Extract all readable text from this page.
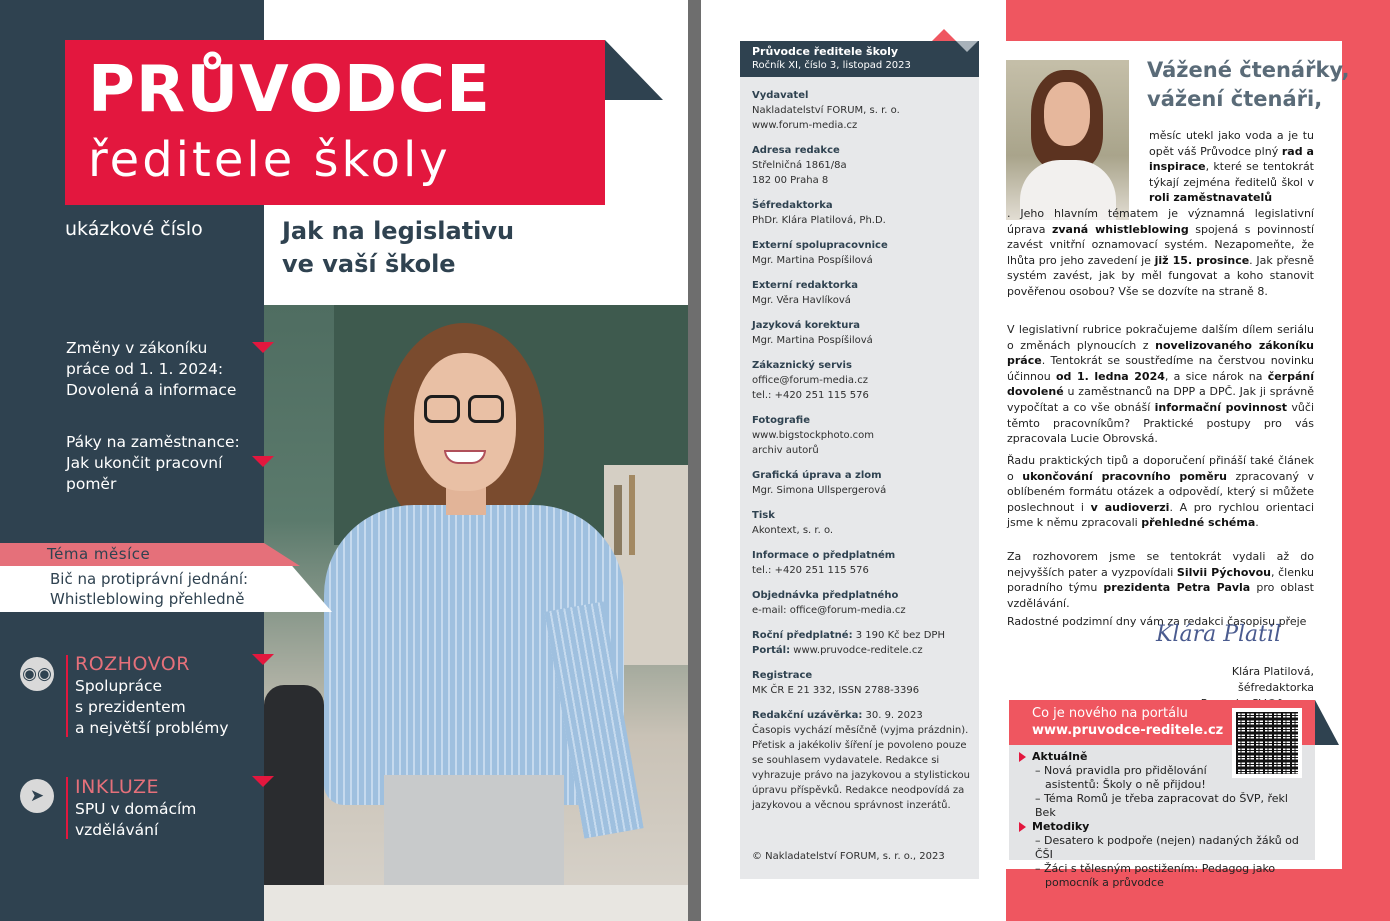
PRŮVODCE
ředitele školy
ukázkové číslo	Jak na legislativu
ve vaší škole
Změny v zákoníku
práce od 1. 1. 2024:
Dovolená a informace
Páky na zaměstnance:
Jak ukončit pracovní
poměr
Téma měsíce
Bič na protiprávní jednání:
Whistleblowing přehledně
◉◉ ROZHOVOR
Spolupráce
s prezidentem
a největší problémy
➤	INKLUZE
SPU v domácím
vzdělávání
Průvodce ředitele školy
Ročník XI, číslo 3, listopad 2023
Vydavatel
Nakladatelství FORUM, s. r. o.
www.forum-media.cz
Adresa redakce
Střelničná 1861/8a
182 00 Praha 8
Šéfredaktorka
PhDr. Klára Platilová, Ph.D.
Externí spolupracovnice
Mgr. Martina Pospíšilová
Externí redaktorka
Mgr. Věra Havlíková
Jazyková korektura
Mgr. Martina Pospíšilová
Zákaznický servis
office@forum-media.cz
tel.: +420 251 115 576
Fotografie
www.bigstockphoto.com
archiv autorů
Grafická úprava a zlom
Mgr. Simona Ullspergerová
Tisk
Akontext, s. r. o.
Informace o předplatném
tel.: +420 251 115 576
Objednávka předplatného
e-mail: office@forum-media.cz
Roční předplatné: 3 190 Kč bez DPH
Portál: www.pruvodce-reditele.cz
Registrace
MK ČR E 21 332, ISSN 2788-3396
Redakční uzávěrka: 30. 9. 2023
Časopis vychází měsíčně (vyjma prázdnin). Přetisk a jakékoliv šíření je povoleno pouze se souhlasem vydavatele. Redakce si vyhrazuje právo na jazykovou a stylistickou úpravu příspěvků. Redakce neodpovídá za jazykovou a věcnou správnost inzerátů.
© Nakladatelství FORUM, s. r. o., 2023
Vážené čtenářky,
vážení čtenáři,
měsíc utekl jako voda a je tu opět váš Průvodce plný rad a inspirace, které se tentokrát týkají zejména ředitelů škol v roli zaměstnavatelů
. Jeho hlavním tématem je významná legislativní úprava zvaná whistleblowing spojená s povinností zavést vnitřní oznamovací systém. Nezapomeňte, že lhůta pro jeho zavedení je již 15. prosince. Jak přesně systém zavést, jak by měl fungovat a koho stanovit pověřenou osobou? Vše se dozvíte na straně 8.
V legislativní rubrice pokračujeme dalším dílem seriálu o změnách plynoucích z novelizovaného zákoníku práce. Tentokrát se soustředíme na čerstvou novinku účinnou od 1. ledna 2024, a sice nárok na čerpání dovolené u zaměstnanců na DPP a DPČ. Jak ji správně vypočítat a co vše obnáší informační povinnost vůči těmto pracovníkům? Praktické postupy pro vás zpracovala Lucie Obrovská.
Řadu praktických tipů a doporučení přináší také článek o ukončování pracovního poměru zpracovaný v oblíbeném formátu otázek a odpovědí, který si můžete poslechnout i v audioverzi. A pro rychlou orientaci jsme k němu zpracovali přehledné schéma.
Za rozhovorem jsme se tentokrát vydali až do nejvyšších pater a vyzpovídali Silvii Pýchovou, členku poradního týmu prezidenta Petra Pavla pro oblast vzdělávání.
Radostné podzimní dny vám za redakci časopisu přeje
Klára Platil
Klára Platilová, šéfredaktorka
Co je nového na portálu
www.pruvodce-reditele.cz
Aktuálně
– Nová pravidla pro přidělování
asistentů: Školy o ně přijdou!
– Téma Romů je třeba zapracovat do ŠVP, řekl Bek
Metodiky
– Desatero k podpoře (nejen) nadaných žáků od ČŠI
– Žáci s tělesným postižením: Pedagog jako
pomocník a průvodce
